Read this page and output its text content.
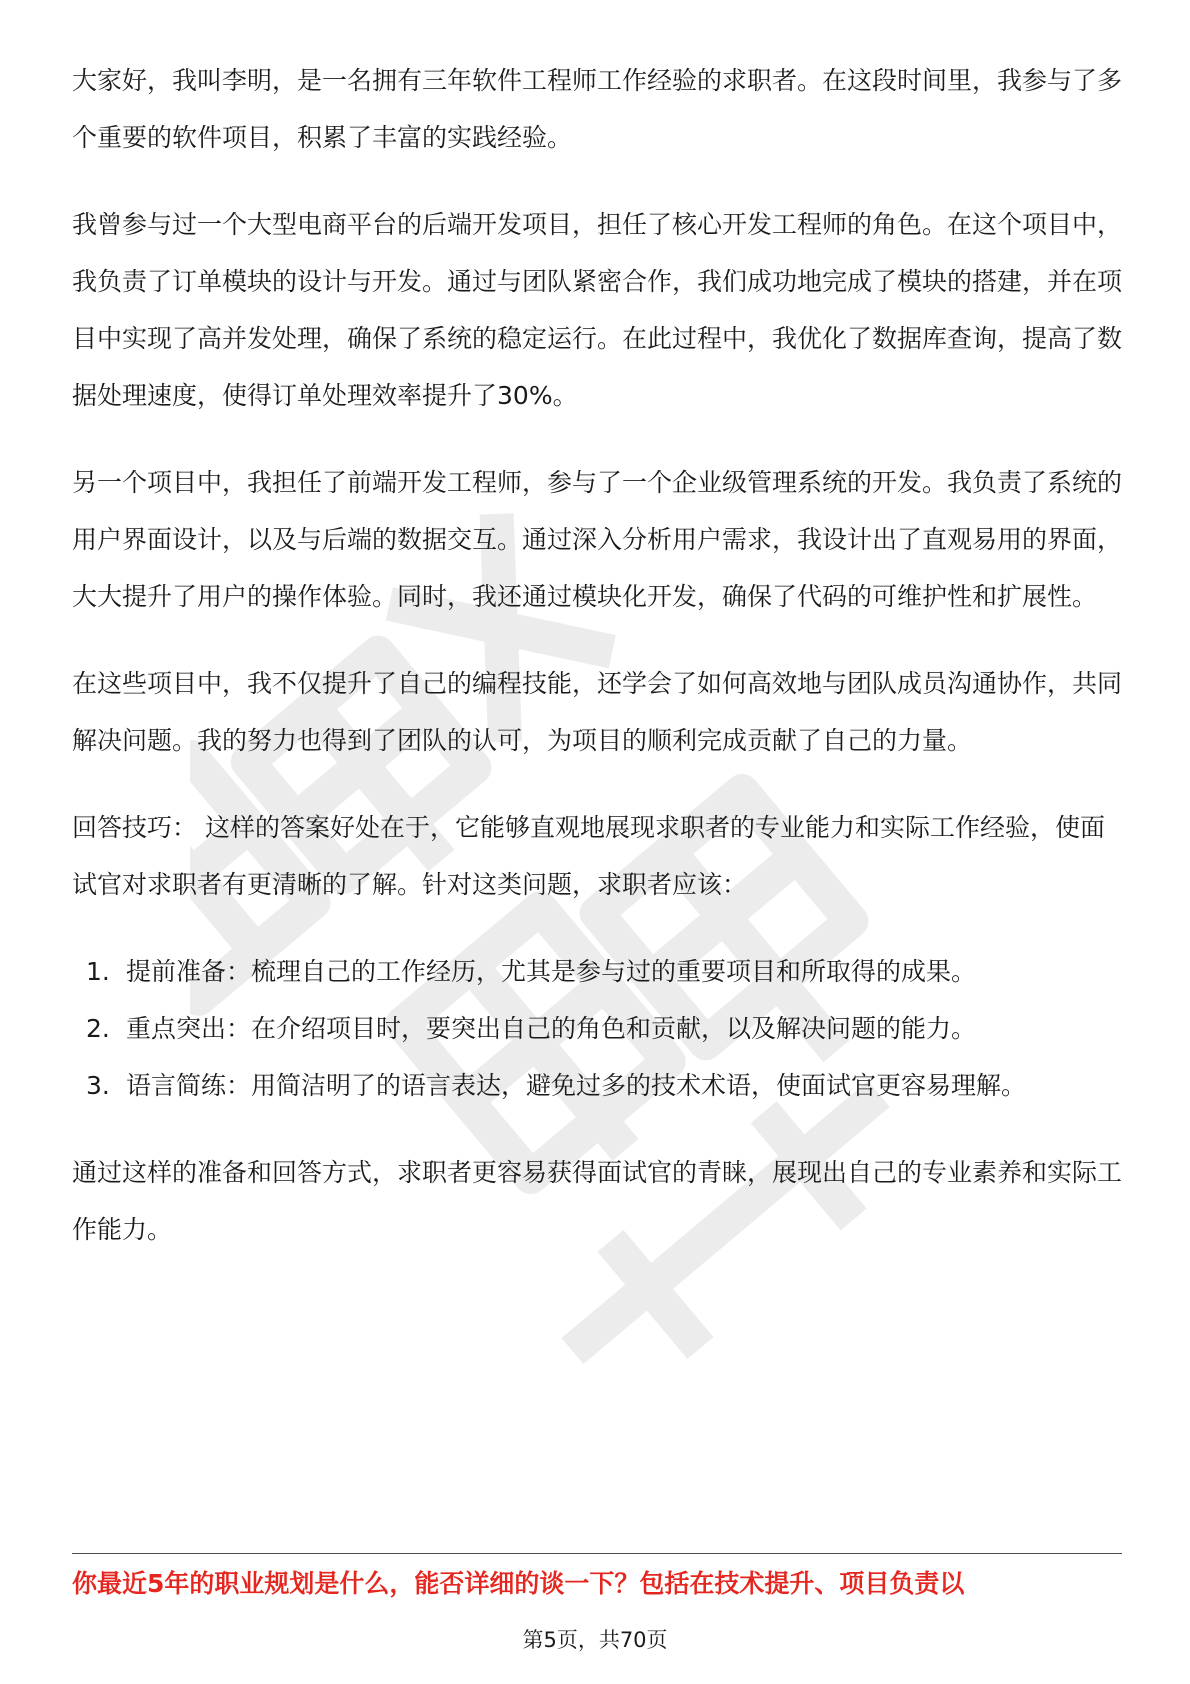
大家好，我叫李明，是一名拥有三年软件工程师工作经验的求职者。在这段时间里，我参与了多个重要的软件项目，积累了丰富的实践经验。

我曾参与过一个大型电商平台的后端开发项目，担任了核心开发工程师的角色。在这个项目中，我负责了订单模块的设计与开发。通过与团队紧密合作，我们成功地完成了模块的搭建，并在项目中实现了高并发处理，确保了系统的稳定运行。在此过程中，我优化了数据库查询，提高了数据处理速度，使得订单处理效率提升了30%。

另一个项目中，我担任了前端开发工程师，参与了一个企业级管理系统的开发。我负责了系统的用户界面设计，以及与后端的数据交互。通过深入分析用户需求，我设计出了直观易用的界面，大大提升了用户的操作体验。同时，我还通过模块化开发，确保了代码的可维护性和扩展性。

在这些项目中，我不仅提升了自己的编程技能，还学会了如何高效地与团队成员沟通协作，共同解决问题。我的努力也得到了团队的认可，为项目的顺利完成贡献了自己的力量。

回答技巧： 这样的答案好处在于，它能够直观地展现求职者的专业能力和实际工作经验，使面试官对求职者有更清晰的了解。针对这类问题，求职者应该：

1. 提前准备：梳理自己的工作经历，尤其是参与过的重要项目和所取得的成果。
2. 重点突出：在介绍项目时，要突出自己的角色和贡献，以及解决问题的能力。
3. 语言简练：用简洁明了的语言表达，避免过多的技术术语，使面试官更容易理解。

通过这样的准备和回答方式，求职者更容易获得面试官的青睐，展现出自己的专业素养和实际工作能力。

你最近5年的职业规划是什么，能否详细的谈一下？包括在技术提升、项目负责以
第5页，共70页
